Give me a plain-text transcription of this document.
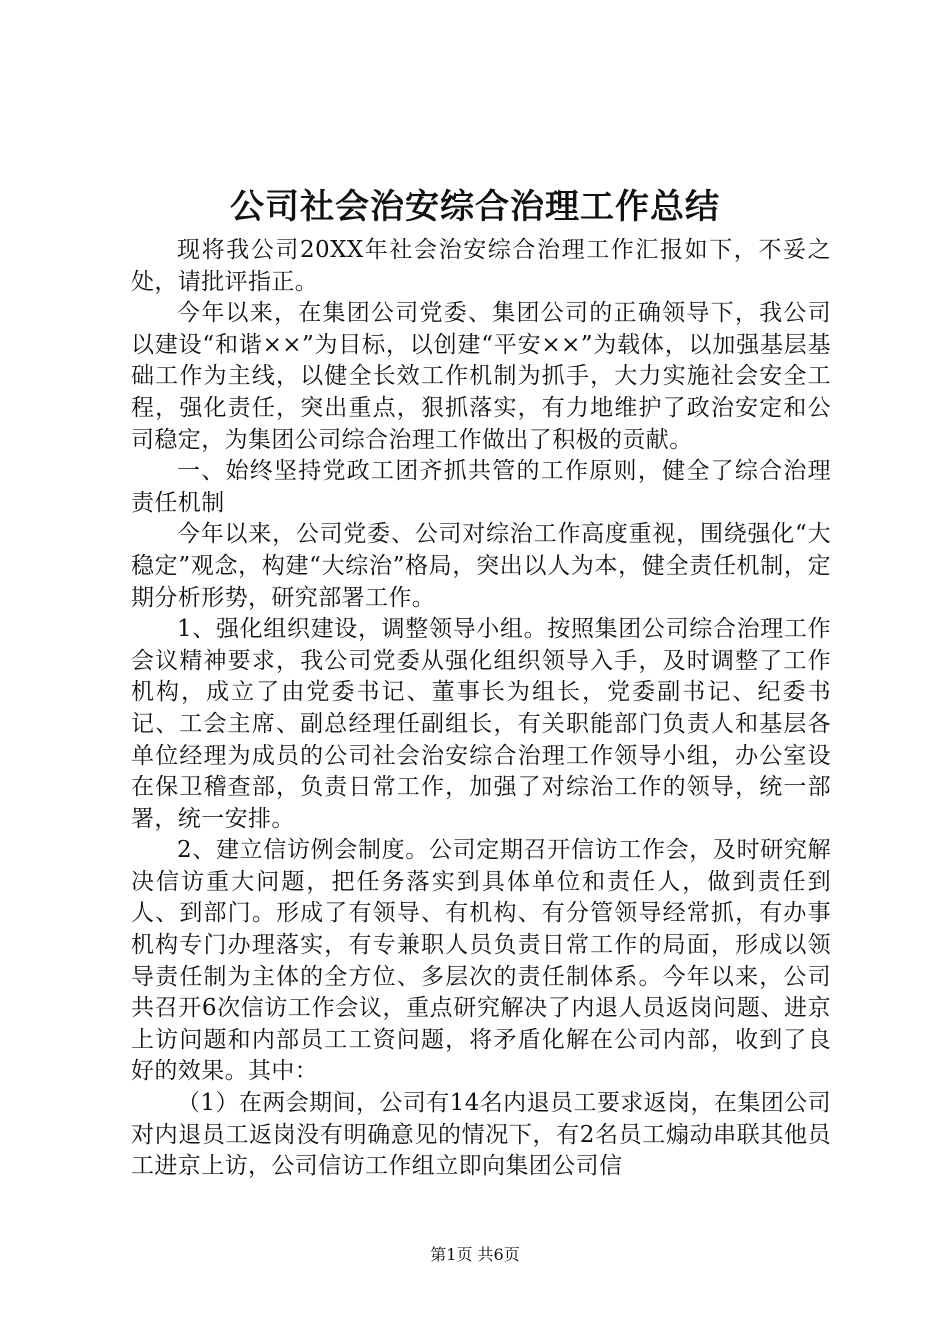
公司社会治安综合治理工作总结

现将我公司20XX年社会治安综合治理工作汇报如下，不妥之处，请批评指正。

今年以来，在集团公司党委、集团公司的正确领导下，我公司以建设“和谐××”为目标，以创建“平安××”为载体，以加强基层基础工作为主线，以健全长效工作机制为抓手，大力实施社会安全工程，强化责任，突出重点，狠抓落实，有力地维护了政治安定和公司稳定，为集团公司综合治理工作做出了积极的贡献。

一、始终坚持党政工团齐抓共管的工作原则，健全了综合治理责任机制

今年以来，公司党委、公司对综治工作高度重视，围绕强化“大稳定”观念，构建“大综治”格局，突出以人为本，健全责任机制，定期分析形势，研究部署工作。

1、强化组织建设，调整领导小组。按照集团公司综合治理工作会议精神要求，我公司党委从强化组织领导入手，及时调整了工作机构，成立了由党委书记、董事长为组长，党委副书记、纪委书记、工会主席、副总经理任副组长，有关职能部门负责人和基层各单位经理为成员的公司社会治安综合治理工作领导小组，办公室设在保卫稽查部，负责日常工作，加强了对综治工作的领导，统一部署，统一安排。

2、建立信访例会制度。公司定期召开信访工作会，及时研究解决信访重大问题，把任务落实到具体单位和责任人，做到责任到人、到部门。形成了有领导、有机构、有分管领导经常抓，有办事机构专门办理落实，有专兼职人员负责日常工作的局面，形成以领导责任制为主体的全方位、多层次的责任制体系。今年以来，公司共召开6次信访工作会议，重点研究解决了内退人员返岗问题、进京上访问题和内部员工工资问题，将矛盾化解在公司内部，收到了良好的效果。其中：

（1）在两会期间，公司有14名内退员工要求返岗，在集团公司对内退员工返岗没有明确意见的情况下，有2名员工煽动串联其他员工进京上访，公司信访工作组立即向集团公司信

第1页 共6页
